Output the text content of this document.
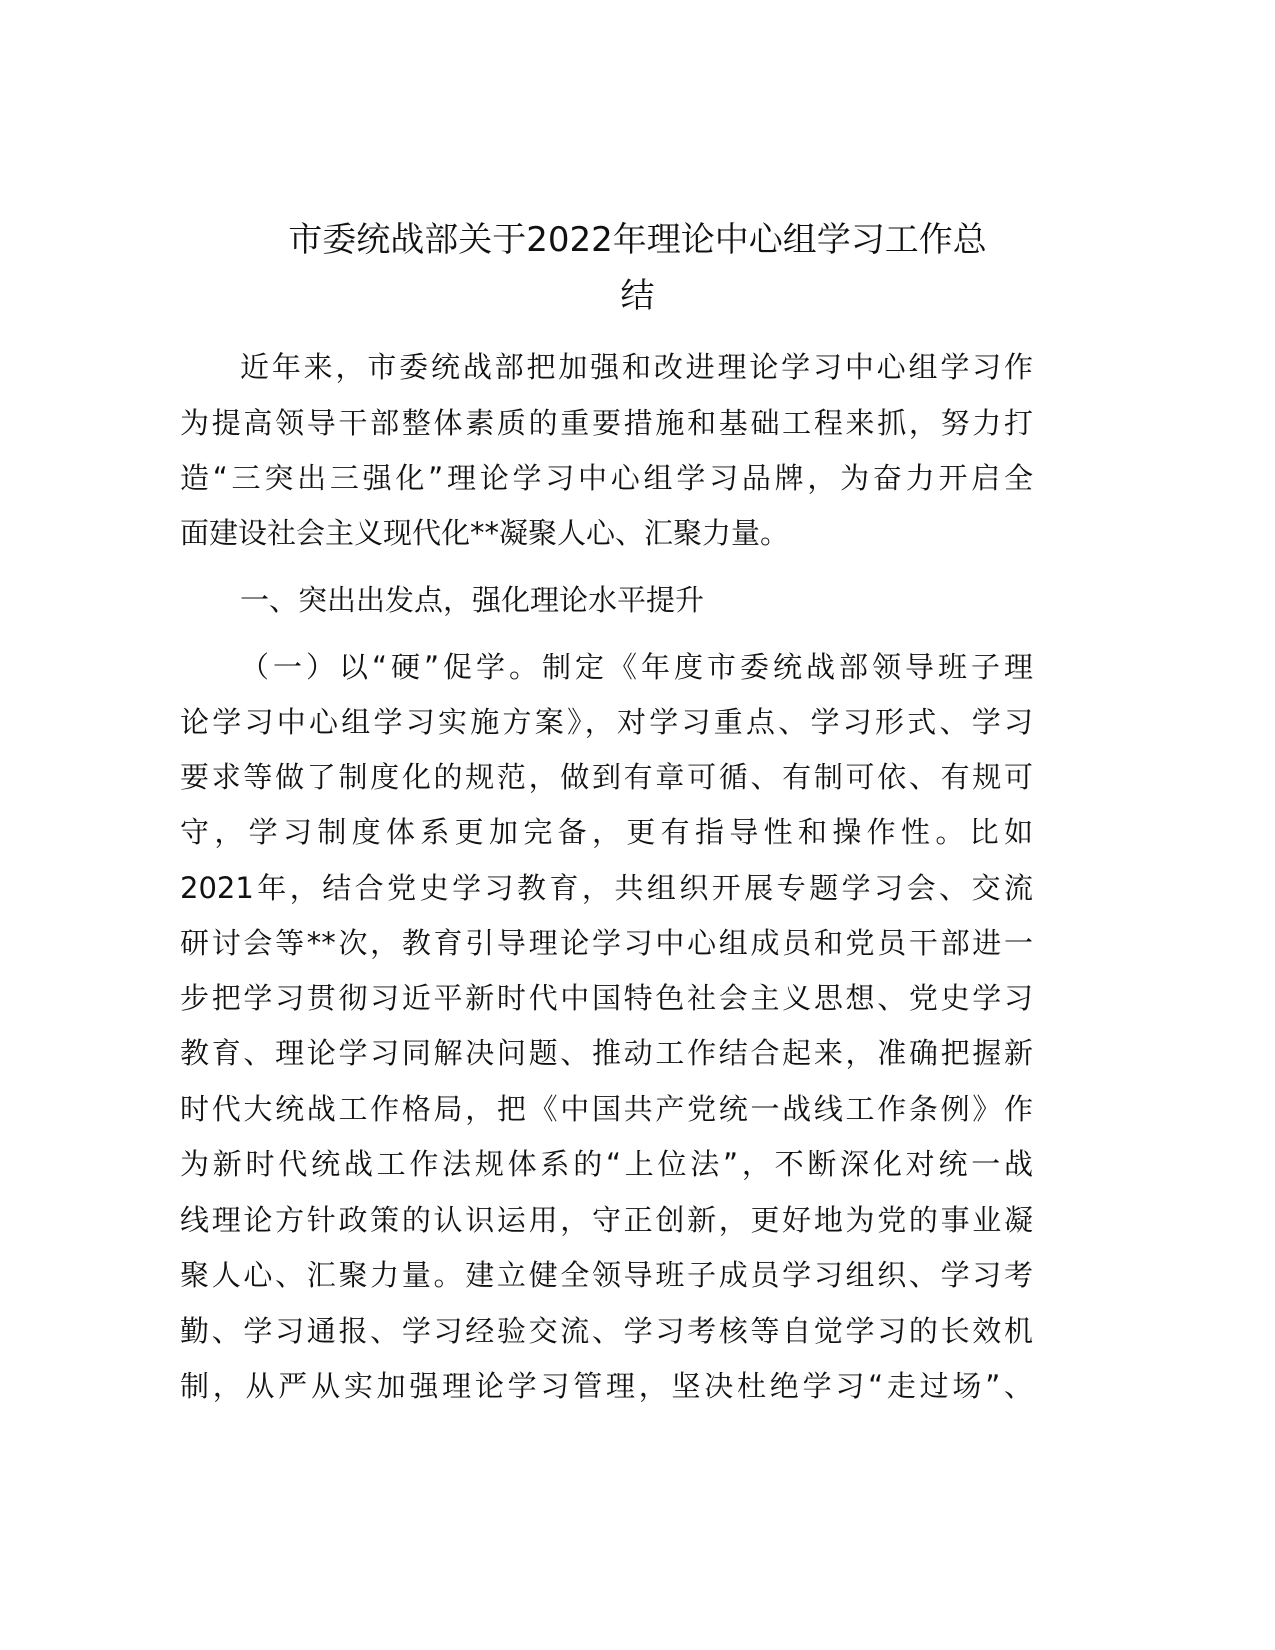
市委统战部关于2022年理论中心组学习工作总
结
近年来，市委统战部把加强和改进理论学习中心组学习作
为提高领导干部整体素质的重要措施和基础工程来抓，努力打
造“三突出三强化”理论学习中心组学习品牌，为奋力开启全
面建设社会主义现代化**凝聚人心、汇聚力量。
一、突出出发点，强化理论水平提升
（一）以“硬”促学。制定《年度市委统战部领导班子理
论学习中心组学习实施方案》，对学习重点、学习形式、学习
要求等做了制度化的规范，做到有章可循、有制可依、有规可
守，学习制度体系更加完备，更有指导性和操作性。比如
2021年，结合党史学习教育，共组织开展专题学习会、交流
研讨会等**次，教育引导理论学习中心组成员和党员干部进一
步把学习贯彻习近平新时代中国特色社会主义思想、党史学习
教育、理论学习同解决问题、推动工作结合起来，准确把握新
时代大统战工作格局，把《中国共产党统一战线工作条例》作
为新时代统战工作法规体系的“上位法”，不断深化对统一战
线理论方针政策的认识运用，守正创新，更好地为党的事业凝
聚人心、汇聚力量。建立健全领导班子成员学习组织、学习考
勤、学习通报、学习经验交流、学习考核等自觉学习的长效机
制，从严从实加强理论学习管理，坚决杜绝学习“走过场”、
